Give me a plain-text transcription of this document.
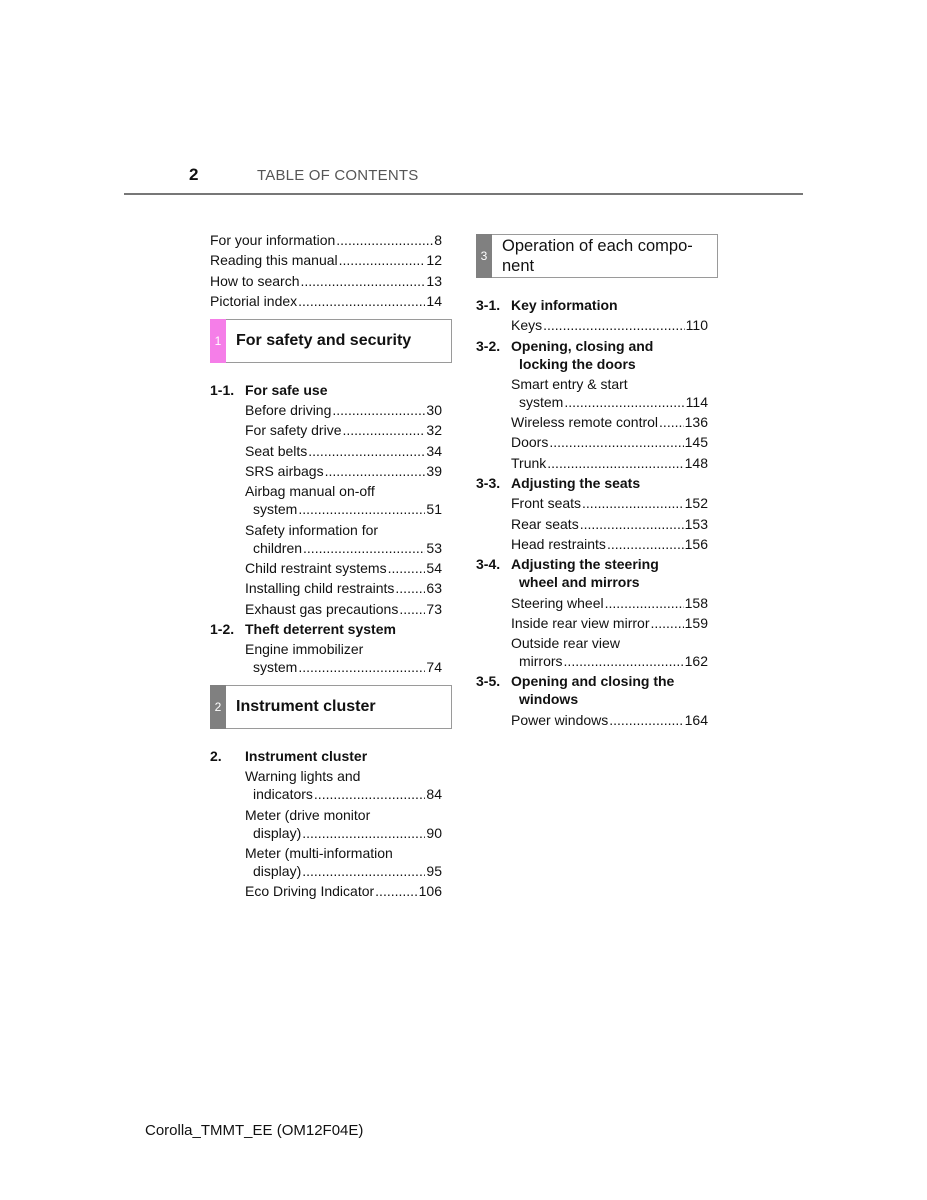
2	TABLE OF CONTENTS
For your information .....	8
Reading this manual .....	12
How to search .....	13
Pictorial index .....	14
1 For safety and security
1-1. For safe use
Before driving .....	30
For safety drive .....	32
Seat belts .....	34
SRS airbags .....	39
Airbag manual on-off
system .....	51
Safety information for
children .....	53
Child restraint systems .....	54
Installing child restraints ..... 63
Exhaust gas precautions ..... 73
1-2. Theft deterrent system
Engine immobilizer
system .....	74
2 Instrument cluster
2.	Instrument cluster
Warning lights and
indicators .....	84
Meter (drive monitor
display) .....	90
Meter (multi-information
display) .....	95
Eco Driving Indicator .....	106
3
Operation of each compo-
nent
3-1. Key information
Keys .....	110
3-2. Opening, closing and
locking the doors
Smart entry & start
system .....	114
Wireless remote control ..... 136
Doors .....	145
Trunk .....	148
3-3. Adjusting the seats
Front seats .....	152
Rear seats .....	153
Head restraints .....	156
3-4. Adjusting the steering
wheel and mirrors
Steering wheel .....	158
Inside rear view mirror .....	159
Outside rear view
mirrors .....	162
3-5. Opening and closing the
windows
Power windows .....	164
Corolla_TMMT_EE (OM12F04E)
